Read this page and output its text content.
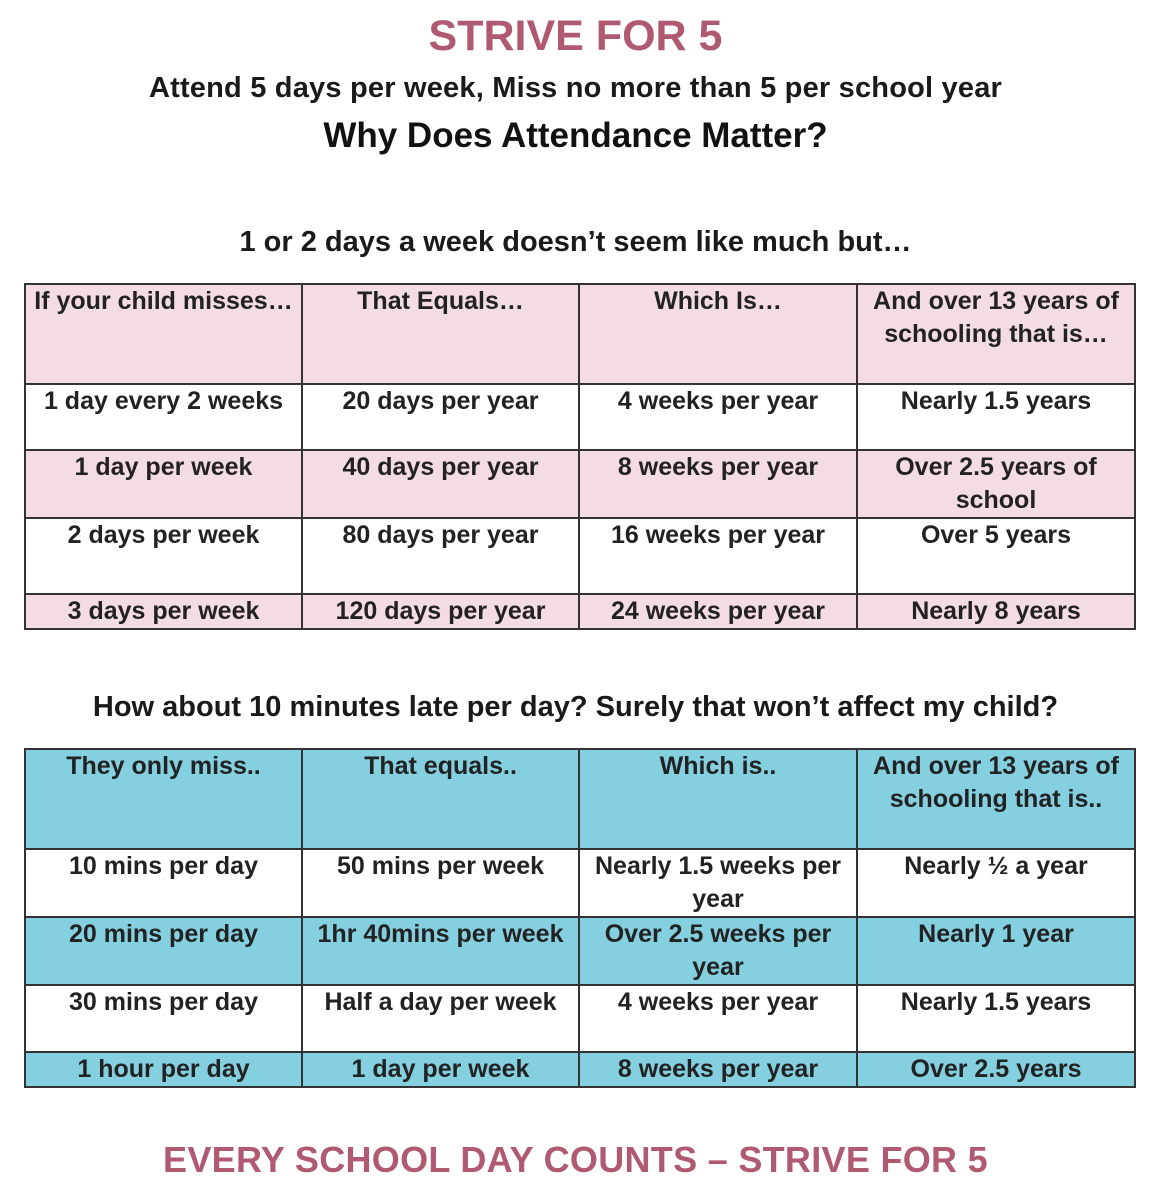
STRIVE FOR 5
Attend 5 days per week, Miss no more than 5 per school year
Why Does Attendance Matter?
1 or 2 days a week doesn’t seem like much but…
If your child misses…	That Equals…	Which Is…	And over 13 years of schooling that is…
1 day every 2 weeks	20 days per year	4 weeks per year	Nearly 1.5 years
1 day per week	40 days per year	8 weeks per year	Over 2.5 years of school
2 days per week	80 days per year	16 weeks per year	Over 5 years
3 days per week	120 days per year	24 weeks per year	Nearly 8 years
How about 10 minutes late per day? Surely that won’t affect my child?
They only miss..	That equals..	Which is..	And over 13 years of schooling that is..
10 mins per day	50 mins per week	Nearly 1.5 weeks per year	Nearly ½ a year
20 mins per day	1hr 40mins per week	Over 2.5 weeks per year	Nearly 1 year
30 mins per day	Half a day per week	4 weeks per year	Nearly 1.5 years
1 hour per day	1 day per week	8 weeks per year	Over 2.5 years
EVERY SCHOOL DAY COUNTS – STRIVE FOR 5
